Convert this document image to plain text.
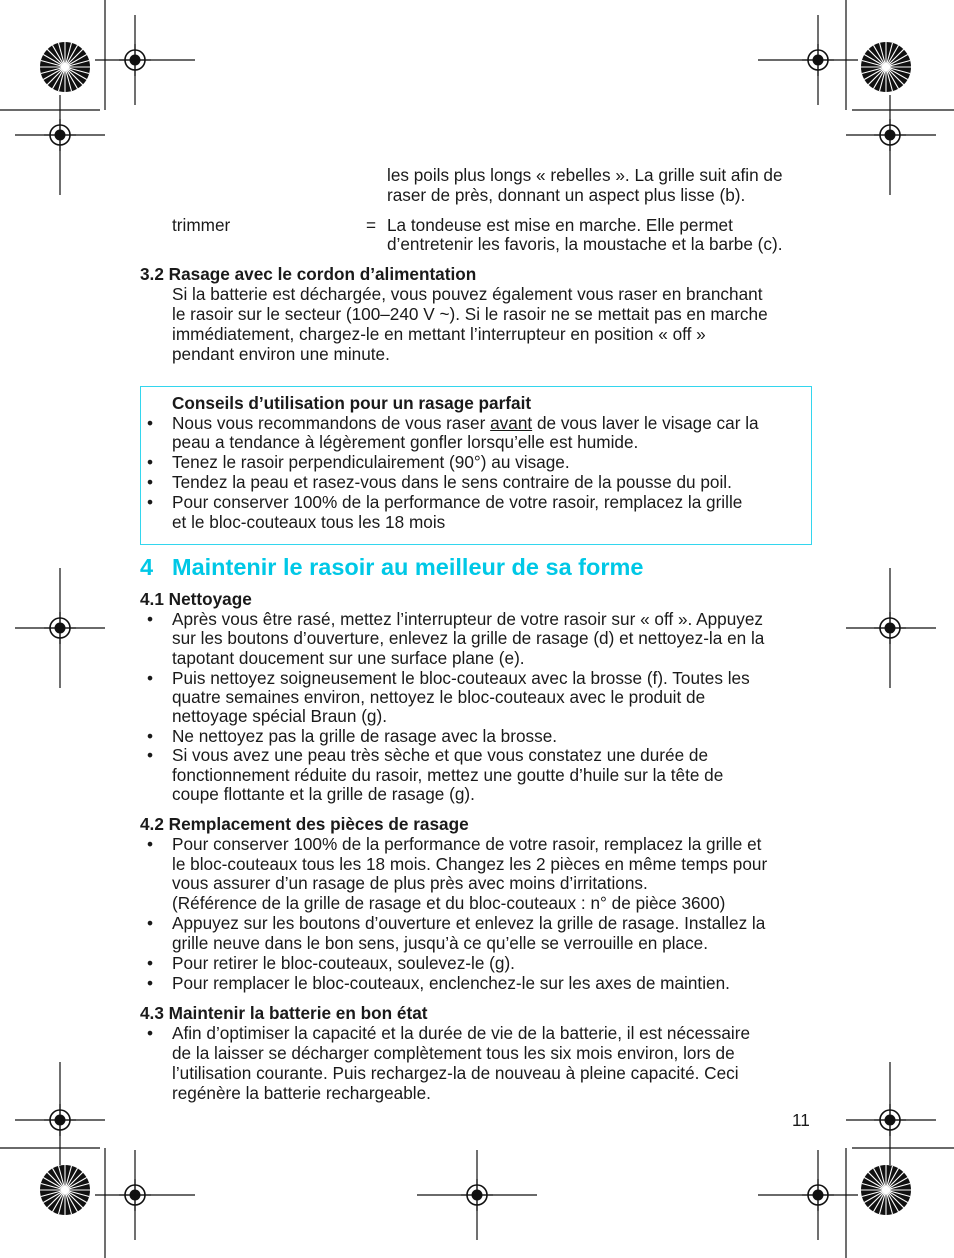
les poils plus longs « rebelles ». La grille suit afin de
raser de près, donnant un aspect plus lisse (b).
trimmer	= La tondeuse est mise en marche. Elle permet
d’entretenir les favoris, la moustache et la barbe (c).
3.2 Rasage avec le cordon d’alimentation
Si la batterie est déchargée, vous pouvez également vous raser en branchant
le rasoir sur le secteur (100–240 V ~). Si le rasoir ne se mettait pas en marche
immédiatement, chargez-le en mettant l’interrupteur en position « off »
pendant environ une minute.
Conseils d’utilisation pour un rasage parfait
• Nous vous recommandons de vous raser avant de vous laver le visage car la
peau a tendance à légèrement gonfler lorsqu’elle est humide.
• Tenez le rasoir perpendiculairement (90°) au visage.
• Tendez la peau et rasez-vous dans le sens contraire de la pousse du poil.
• Pour conserver 100% de la performance de votre rasoir, remplacez la grille
et le bloc-couteaux tous les 18 mois
4 Maintenir le rasoir au meilleur de sa forme
4.1 Nettoyage
• Après vous être rasé, mettez l’interrupteur de votre rasoir sur « off ». Appuyez
sur les boutons d’ouverture, enlevez la grille de rasage (d) et nettoyez-la en la
tapotant doucement sur une surface plane (e).
• Puis nettoyez soigneusement le bloc-couteaux avec la brosse (f). Toutes les
quatre semaines environ, nettoyez le bloc-couteaux avec le produit de
nettoyage spécial Braun (g).
• Ne nettoyez pas la grille de rasage avec la brosse.
• Si vous avez une peau très sèche et que vous constatez une durée de
fonctionnement réduite du rasoir, mettez une goutte d’huile sur la tête de
coupe flottante et la grille de rasage (g).
4.2 Remplacement des pièces de rasage
• Pour conserver 100% de la performance de votre rasoir, remplacez la grille et
le bloc-couteaux tous les 18 mois. Changez les 2 pièces en même temps pour
vous assurer d’un rasage de plus près avec moins d’irritations.
(Référence de la grille de rasage et du bloc-couteaux : n° de pièce 3600)
• Appuyez sur les boutons d’ouverture et enlevez la grille de rasage. Installez la
grille neuve dans le bon sens, jusqu’à ce qu’elle se verrouille en place.
• Pour retirer le bloc-couteaux, soulevez-le (g).
• Pour remplacer le bloc-couteaux, enclenchez-le sur les axes de maintien.
4.3 Maintenir la batterie en bon état
• Afin d’optimiser la capacité et la durée de vie de la batterie, il est nécessaire
de la laisser se décharger complètement tous les six mois environ, lors de
l’utilisation courante. Puis rechargez-la de nouveau à pleine capacité. Ceci
regénère la batterie rechargeable.
11
